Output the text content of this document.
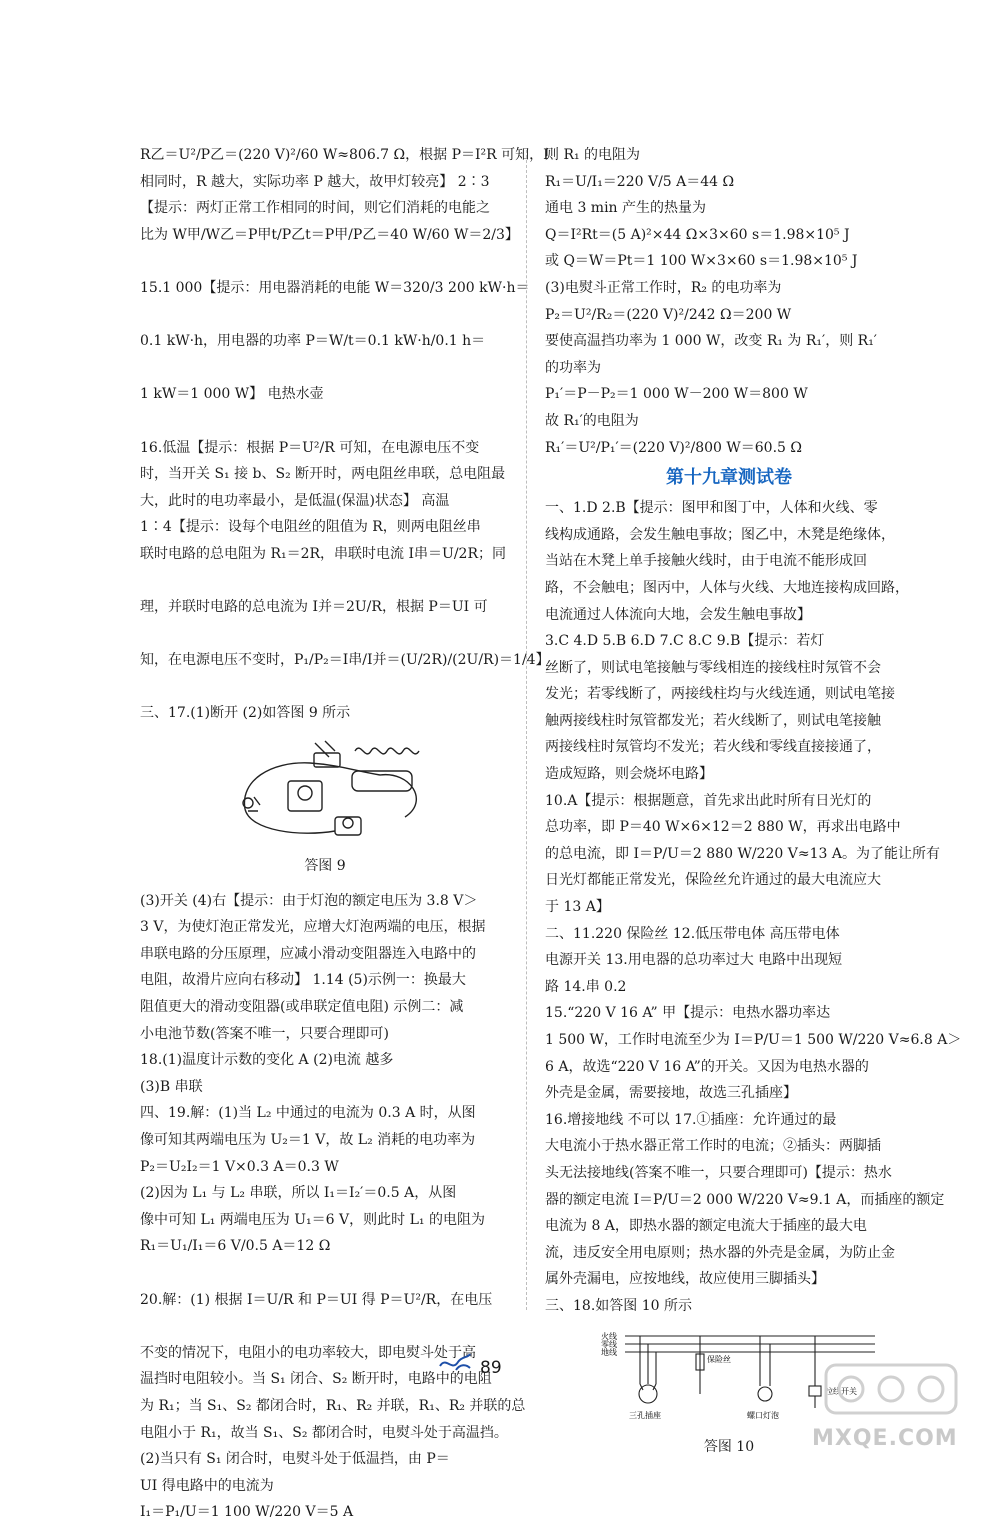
R乙＝U²/P乙＝(220 V)²/60 W≈806.7 Ω，根据 P＝I²R 可知，I
相同时，R 越大，实际功率 P 越大，故甲灯较亮】 2∶3
【提示：两灯正常工作相同的时间，则它们消耗的电能之
比为 W甲/W乙＝P甲t/P乙t＝P甲/P乙＝40 W/60 W＝2/3】
15.1 000【提示：用电器消耗的电能 W＝320/3 200 kW·h＝
0.1 kW·h，用电器的功率 P＝W/t＝0.1 kW·h/0.1 h＝
1 kW＝1 000 W】 电热水壶
16.低温【提示：根据 P＝U²/R 可知，在电源电压不变
时，当开关 S₁ 接 b、S₂ 断开时，两电阻丝串联，总电阻最
大，此时的电功率最小，是低温(保温)状态】 高温
1∶4【提示：设每个电阻丝的阻值为 R，则两电阻丝串
联时电路的总电阻为 R₁＝2R，串联时电流 I串＝U/2R；同
理，并联时电路的总电流为 I并＝2U/R，根据 P＝UI 可
知，在电源电压不变时，P₁/P₂＝I串/I并＝(U/2R)/(2U/R)＝1/4】
三、17.(1)断开 (2)如答图 9 所示
答图 9
(3)开关 (4)右【提示：由于灯泡的额定电压为 3.8 V＞
3 V，为使灯泡正常发光，应增大灯泡两端的电压，根据
串联电路的分压原理，应减小滑动变阻器连入电路中的
电阻，故滑片应向右移动】 1.14 (5)示例一：换最大
阻值更大的滑动变阻器(或串联定值电阻) 示例二：减
小电池节数(答案不唯一，只要合理即可)
18.(1)温度计示数的变化 A (2)电流 越多
(3)B 串联
四、19.解：(1)当 L₂ 中通过的电流为 0.3 A 时，从图
像可知其两端电压为 U₂＝1 V，故 L₂ 消耗的电功率为
P₂＝U₂I₂＝1 V×0.3 A＝0.3 W
(2)因为 L₁ 与 L₂ 串联，所以 I₁＝I₂′＝0.5 A，从图
像中可知 L₁ 两端电压为 U₁＝6 V，则此时 L₁ 的电阻为
R₁＝U₁/I₁＝6 V/0.5 A＝12 Ω
20.解：(1) 根据 I＝U/R 和 P＝UI 得 P＝U²/R，在电压
不变的情况下，电阻小的电功率较大，即电熨斗处于高
温挡时电阻较小。当 S₁ 闭合、S₂ 断开时，电路中的电阻
为 R₁；当 S₁、S₂ 都闭合时，R₁、R₂ 并联，R₁、R₂ 并联的总
电阻小于 R₁，故当 S₁、S₂ 都闭合时，电熨斗处于高温挡。
(2)当只有 S₁ 闭合时，电熨斗处于低温挡，由 P＝
UI 得电路中的电流为
I₁＝P₁/U＝1 100 W/220 V＝5 A
则 R₁ 的电阻为
R₁＝U/I₁＝220 V/5 A＝44 Ω
通电 3 min 产生的热量为
Q＝I²Rt＝(5 A)²×44 Ω×3×60 s＝1.98×10⁵ J
或 Q＝W＝Pt＝1 100 W×3×60 s＝1.98×10⁵ J
(3)电熨斗正常工作时，R₂ 的电功率为
P₂＝U²/R₂＝(220 V)²/242 Ω＝200 W
要使高温挡功率为 1 000 W，改变 R₁ 为 R₁′，则 R₁′
的功率为
P₁′＝P－P₂＝1 000 W－200 W＝800 W
故 R₁′的电阻为
R₁′＝U²/P₁′＝(220 V)²/800 W＝60.5 Ω
第十九章测试卷
一、1.D 2.B【提示：图甲和图丁中，人体和火线、零
线构成通路，会发生触电事故；图乙中，木凳是绝缘体，
当站在木凳上单手接触火线时，由于电流不能形成回
路，不会触电；图丙中，人体与火线、大地连接构成回路，
电流通过人体流向大地，会发生触电事故】
3.C 4.D 5.B 6.D 7.C 8.C 9.B【提示：若灯
丝断了，则试电笔接触与零线相连的接线柱时氖管不会
发光；若零线断了，两接线柱均与火线连通，则试电笔接
触两接线柱时氖管都发光；若火线断了，则试电笔接触
两接线柱时氖管均不发光；若火线和零线直接接通了，
造成短路，则会烧坏电路】
10.A【提示：根据题意，首先求出此时所有日光灯的
总功率，即 P＝40 W×6×12＝2 880 W，再求出电路中
的总电流，即 I＝P/U＝2 880 W/220 V≈13 A。为了能让所有
日光灯都能正常发光，保险丝允许通过的最大电流应大
于 13 A】
二、11.220 保险丝 12.低压带电体 高压带电体
电源开关 13.用电器的总功率过大 电路中出现短
路 14.串 0.2
15.“220 V 16 A” 甲【提示：电热水器功率达
1 500 W，工作时电流至少为 I＝P/U＝1 500 W/220 V≈6.8 A＞
6 A，故选“220 V 16 A”的开关。又因为电热水器的
外壳是金属，需要接地，故选三孔插座】
16.增接地线 不可以 17.①插座：允许通过的最
大电流小于热水器正常工作时的电流；②插头：两脚插
头无法接地线(答案不唯一，只要合理即可)【提示：热水
器的额定电流 I＝P/U＝2 000 W/220 V≈9.1 A，而插座的额定
电流为 8 A，即热水器的额定电流大于插座的最大电
流，违反安全用电原则；热水器的外壳是金属，为防止金
属外壳漏电，应按地线，故应使用三脚插头】
三、18.如答图 10 所示
火线
零线
地线
保险丝
三孔插座	螺口灯泡
拉线开关
答图 10
89
MXQE.COM
